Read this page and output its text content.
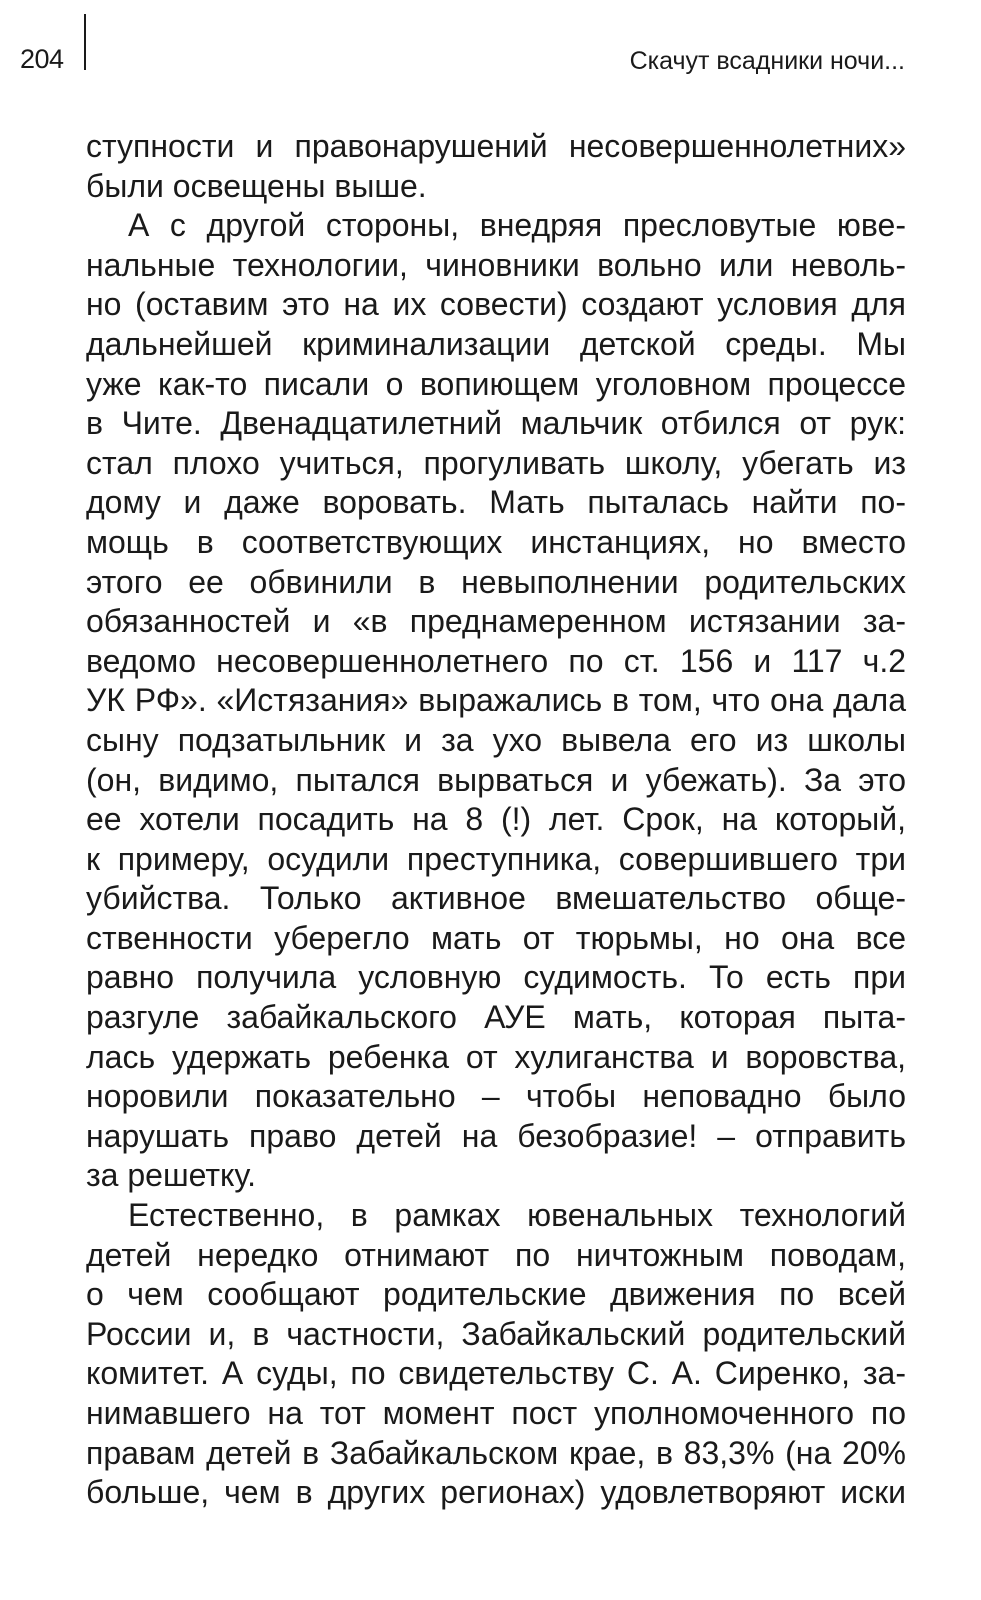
204	Скачут всадники ночи...
ступности и правонарушений несовершеннолетних»
были освещены выше.
А с другой стороны, внедряя пресловутые юве-
нальные технологии, чиновники вольно или неволь-
но (оставим это на их совести) создают условия для
дальнейшей криминализации детской среды. Мы
уже как-то писали о вопиющем уголовном процессе
в Чите. Двенадцатилетний мальчик отбился от рук:
стал плохо учиться, прогуливать школу, убегать из
дому и даже воровать. Мать пыталась найти по-
мощь в соответствующих инстанциях, но вместо
этого ее обвинили в невыполнении родительских
обязанностей и «в преднамеренном истязании за-
ведомо несовершеннолетнего по ст. 156 и 117 ч.2
УК РФ». «Истязания» выражались в том, что она дала
сыну подзатыльник и за ухо вывела его из школы
(он, видимо, пытался вырваться и убежать). За это
ее хотели посадить на 8 (!) лет. Срок, на который,
к примеру, осудили преступника, совершившего три
убийства. Только активное вмешательство обще-
ственности уберегло мать от тюрьмы, но она все
равно получила условную судимость. То есть при
разгуле забайкальского АУЕ мать, которая пыта-
лась удержать ребенка от хулиганства и воровства,
норовили показательно – чтобы неповадно было
нарушать право детей на безобразие! – отправить
за решетку.
Естественно, в рамках ювенальных технологий
детей нередко отнимают по ничтожным поводам,
о чем сообщают родительские движения по всей
России и, в частности, Забайкальский родительский
комитет. А суды, по свидетельству С. А. Сиренко, за-
нимавшего на тот момент пост уполномоченного по
правам детей в Забайкальском крае, в 83,3% (на 20%
больше, чем в других регионах) удовлетворяют иски
